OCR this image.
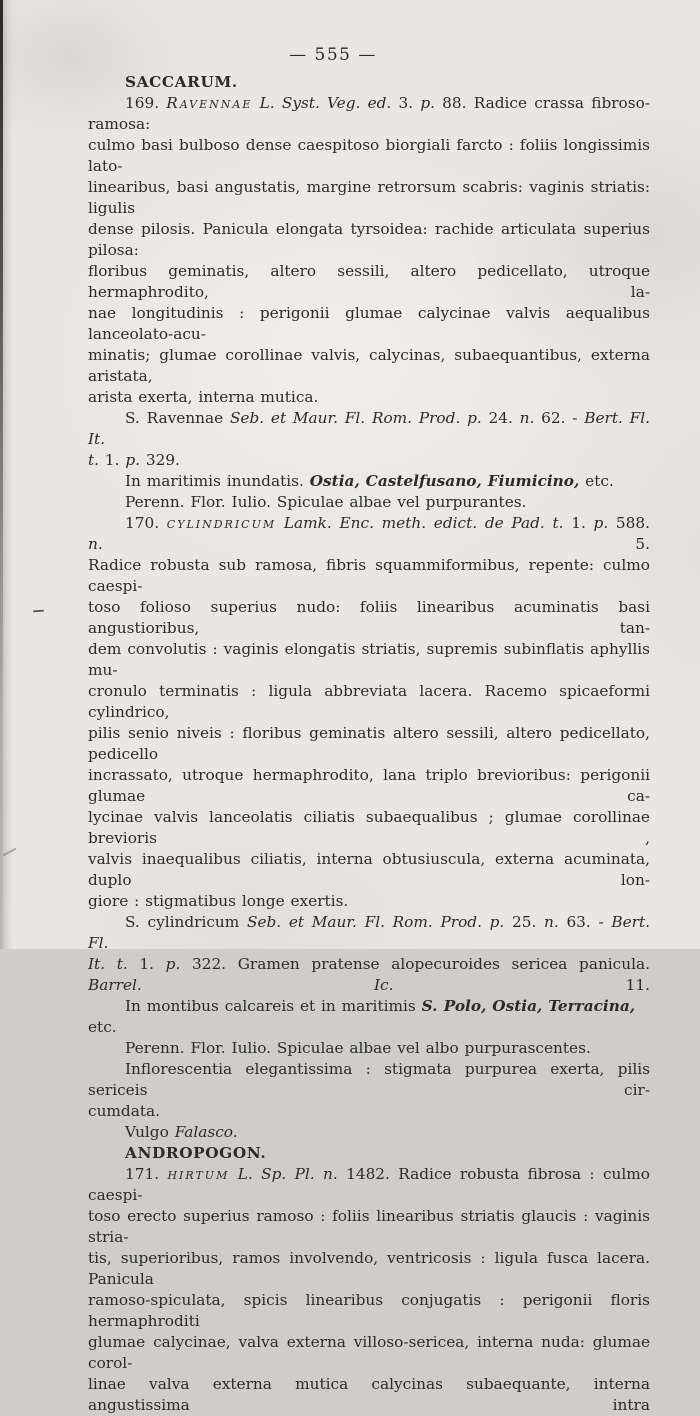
— 555 —
SACCARUM.
169. Ravennae L. Syst. Veg. ed. 3. p. 88. Radice crassa fibroso-ramosa:
culmo basi bulboso dense caespitoso biorgiali farcto : foliis longissimis lato-
linearibus, basi angustatis, margine retrorsum scabris: vaginis striatis: ligulis
dense pilosis. Panicula elongata tyrsoidea: rachide articulata superius pilosa:
floribus geminatis, altero sessili, altero pedicellato, utroque hermaphrodito, la-
nae longitudinis : perigonii glumae calycinae valvis aequalibus lanceolato-acu-
minatis; glumae corollinae valvis, calycinas, subaequantibus, externa aristata,
arista exerta, interna mutica.
S. Ravennae Seb. et Maur. Fl. Rom. Prod. p. 24. n. 62. - Bert. Fl. It.
t. 1. p. 329.
In maritimis inundatis. Ostia, Castelfusano, Fiumicino, etc.
Perenn. Flor. Iulio. Spiculae albae vel purpurantes.
170. cylindricum Lamk. Enc. meth. edict. de Pad. t. 1. p. 588. n. 5.
Radice robusta sub ramosa, fibris squammiformibus, repente: culmo caespi-
toso folioso superius nudo: foliis linearibus acuminatis basi angustioribus, tan-
dem convolutis : vaginis elongatis striatis, supremis subinflatis aphyllis mu-
cronulo terminatis : ligula abbreviata lacera. Racemo spicaeformi cylindrico,
pilis senio niveis : floribus geminatis altero sessili, altero pedicellato, pedicello
incrassato, utroque hermaphrodito, lana triplo brevioribus: perigonii glumae ca-
lycinae valvis lanceolatis ciliatis subaequalibus ; glumae corollinae brevioris ,
valvis inaequalibus ciliatis, interna obtusiuscula, externa acuminata, duplo lon-
giore : stigmatibus longe exertis.
S. cylindricum Seb. et Maur. Fl. Rom. Prod. p. 25. n. 63. - Bert. Fl.
It. t. 1. p. 322. Gramen pratense alopecuroides sericea panicula. Barrel. Ic. 11.
In montibus calcareis et in maritimis S. Polo, Ostia, Terracina, etc.
Perenn. Flor. Iulio. Spiculae albae vel albo purpurascentes.
Inflorescentia elegantissima : stigmata purpurea exerta, pilis sericeis cir-
cumdata.
Vulgo Falasco.
ANDROPOGON.
171. hirtum L. Sp. Pl. n. 1482. Radice robusta fibrosa : culmo caespi-
toso erecto superius ramoso : foliis linearibus striatis glaucis : vaginis stria-
tis, superioribus, ramos involvendo, ventricosis : ligula fusca lacera. Panicula
ramoso-spiculata, spicis linearibus conjugatis : perigonii floris hermaphroditi
glumae calycinae, valva externa villoso-sericea, interna nuda: glumae corol-
linae valva externa mutica calycinas subaequante, interna angustissima intra
